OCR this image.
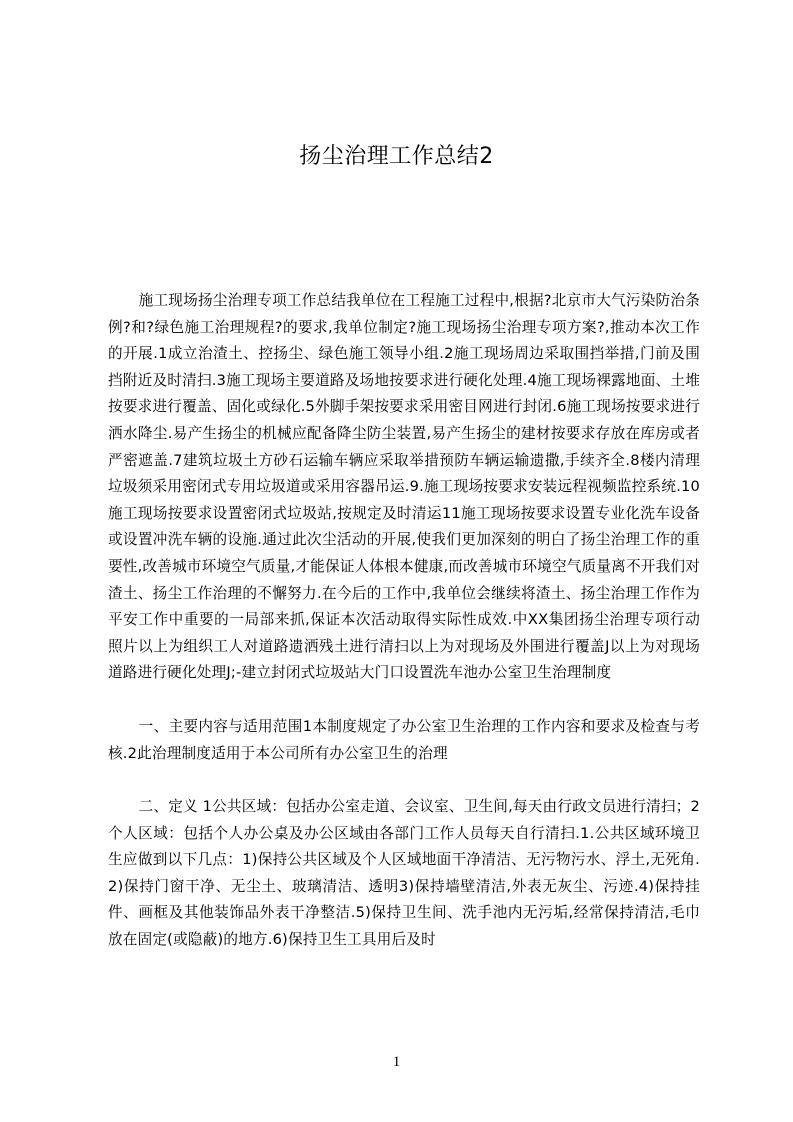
扬尘治理工作总结2

施工现场扬尘治理专项工作总结我单位在工程施工过程中,根据?北京市大气污染防治条例?和?绿色施工治理规程?的要求,我单位制定?施工现场扬尘治理专项方案?,推动本次工作的开展.1成立治渣土、控扬尘、绿色施工领导小组.2施工现场周边采取围挡举措,门前及围挡附近及时清扫.3施工现场主要道路及场地按要求进行硬化处理.4施工现场裸露地面、土堆按要求进行覆盖、固化或绿化.5外脚手架按要求采用密目网进行封闭.6施工现场按要求进行洒水降尘.易产生扬尘的机械应配备降尘防尘装置,易产生扬尘的建材按要求存放在库房或者严密遮盖.7建筑垃圾土方砂石运输车辆应采取举措预防车辆运输遗撒,手续齐全.8楼内清理垃圾须采用密闭式专用垃圾道或采用容器吊运.9.施工现场按要求安装远程视频监控系统.10施工现场按要求设置密闭式垃圾站,按规定及时清运11施工现场按要求设置专业化洗车设备或设置冲洗车辆的设施.通过此次尘活动的开展,使我们更加深刻的明白了扬尘治理工作的重要性,改善城市环境空气质量,才能保证人体根本健康,而改善城市环境空气质量离不开我们对渣土、扬尘工作治理的不懈努力.在今后的工作中,我单位会继续将渣土、扬尘治理工作作为平安工作中重要的一局部来抓,保证本次活动取得实际性成效.中XX集团扬尘治理专项行动照片以上为组织工人对道路遗洒残土进行清扫以上为对现场及外围进行覆盖J以上为对现场道路进行硬化处理J;-建立封闭式垃圾站大门口设置洗车池办公室卫生治理制度

一、主要内容与适用范围1本制度规定了办公室卫生治理的工作内容和要求及检查与考核.2此治理制度适用于本公司所有办公室卫生的治理

二、定义 1公共区域：包括办公室走道、会议室、卫生间,每天由行政文员进行清扫；2个人区域：包括个人办公桌及办公区域由各部门工作人员每天自行清扫.1.公共区域环境卫生应做到以下几点：1)保持公共区域及个人区域地面干净清洁、无污物污水、浮土,无死角.2)保持门窗干净、无尘土、玻璃清洁、透明3)保持墙壁清洁,外表无灰尘、污迹.4)保持挂件、画框及其他装饰品外表干净整洁.5)保持卫生间、洗手池内无污垢,经常保持清洁,毛巾放在固定(或隐蔽)的地方.6)保持卫生工具用后及时

1
